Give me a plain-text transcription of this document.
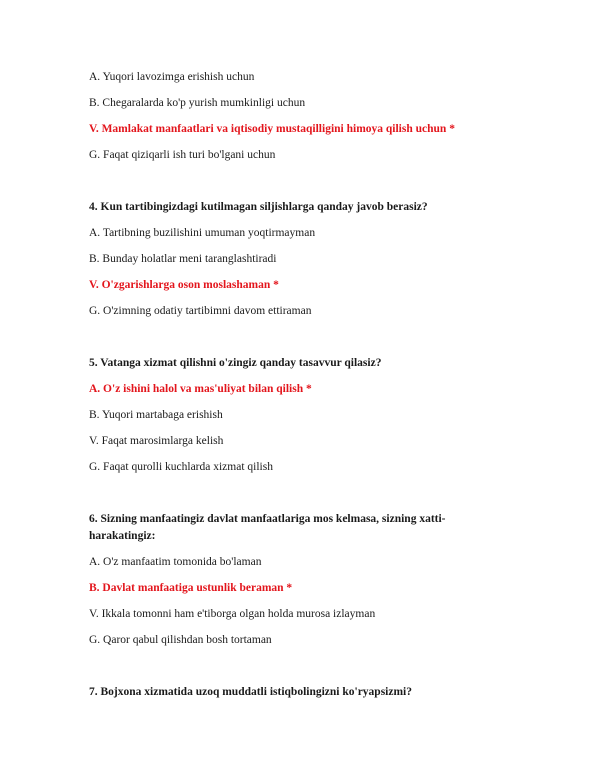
A. Yuqori lavozimga erishish uchun

B. Chegaralarda ko'p yurish mumkinligi uchun

V. Mamlakat manfaatlari va iqtisodiy mustaqilligini himoya qilish uchun *

G. Faqat qiziqarli ish turi bo'lgani uchun

4. Kun tartibingizdagi kutilmagan siljishlarga qanday javob berasiz?

A. Tartibning buzilishini umuman yoqtirmayman

B. Bunday holatlar meni taranglashtiradi

V. O'zgarishlarga oson moslashaman *

G. O'zimning odatiy tartibimni davom ettiraman

5. Vatanga xizmat qilishni o'zingiz qanday tasavvur qilasiz?

A. O'z ishini halol va mas'uliyat bilan qilish *

B. Yuqori martabaga erishish

V. Faqat marosimlarga kelish

G. Faqat qurolli kuchlarda xizmat qilish

6. Sizning manfaatingiz davlat manfaatlariga mos kelmasa, sizning xatti-

harakatingiz:

A. O'z manfaatim tomonida bo'laman

B. Davlat manfaatiga ustunlik beraman *

V. Ikkala tomonni ham e'tiborga olgan holda murosa izlayman

G. Qaror qabul qilishdan bosh tortaman

7. Bojxona xizmatida uzoq muddatli istiqbolingizni ko'ryapsizmi?
